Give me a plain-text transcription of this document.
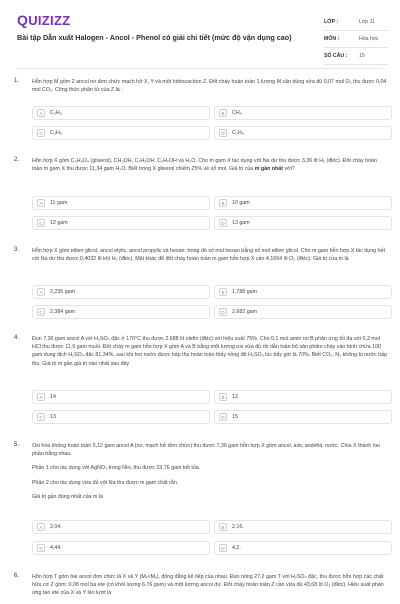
QUIZIZZ
Bài tập Dẫn xuất Halogen - Ancol - Phenol có giải chi tiết (mức độ vận dụng cao)
LỚP :	Lớp 11
MÔN :	Hóa học
SỐ CÂU :	15
1. Hỗn hợp M gồm 2 ancol no đơn chức mạch hở X, Y và một hidrocacbon Z. Đốt cháy hoàn toàn 1 lượng M cần dùng vừa đủ 0,07 mol O₂ thu được 0,04 mol CO₂. Công thức phân tử của Z là :

A	C₂H₆	B	CH₄
C	C₃H₈	D	C₂H₆
2. Hỗn hợp X gồm C₃H₈O₃ (glixerol), CH₃OH, C₂H₅OH, C₃H₇OH và H₂O. Cho m gam X tác dụng với Na dư thu được 3,36 lít H₂ (đktc). Đốt cháy hoàn toàn m gam X thu được 11,34 gam H₂O. Biết trong X glixerol chiếm 25% về số mol. Giá trị của m gần nhất với?

A	11 gam	B	10 gam
C	12 gam	D	13 gam
3. Hỗn hợp X gồm etilen glicol, ancol etylic, ancol propylic và hexan; trong đó số mol hexan bằng số mol etilen glicol. Cho m gam hỗn hợp X tác dụng hết với Na dư thu được 0,4032 lít khí H₂ (đktc). Mặt khác để đốt cháy hoàn toàn m gam hỗn hợp X cần 4,1664 lít O₂ (đktc). Giá trị của m là

A	2,235 gam	B	1,788 gam
C	2,384 gam	D	2,682 gam
4. Đun 7,36 gam ancol A với H₂SO₄ đặc ở 170°C thu được 2,688 lít olefin (đktc) với hiệu suất 75%. Cho 0,1 mol amin no B phản ứng tối đa với 0,2 mol HCl thu được 11,9 gam muối. Đốt cháy m gam hỗn hợp X gồm A và B bằng một lượng oxi vừa đủ rồi dẫn toàn bộ sản phẩm cháy vào bình chứa 100 gam dung dịch H₂SO₄ đặc 81,34%, sau khi hơi nước được hấp thụ hoàn toàn thấy nồng độ H₂SO₄ lúc bấy giờ là 70%. Biết CO₂, N₂ không bị nước hấp thụ. Giá trị m gần giá trị nào nhất sau đây

A	14	B	12
C	13	D	15
5. Oxi hóa không hoàn toàn 5,12 gam ancol A (no, mạch hở đơn chức) thu được 7,36 gam hỗn hợp X gồm ancol, axit, andehit, nước. Chia X thành hai phần bằng nhau.

Phần 1 cho tác dụng với AgNO₃ trong NH₃ thu được 23,76 gam kết tủa.

Phần 2 cho tác dụng vừa đủ với Na thu được m gam chất rắn.

Giá trị gần đúng nhất của m là

A	2,04.	B	2,16.
C	4,44.	D	4,2.
6. Hỗn hợp T gồm hai ancol đơn chức là X và Y (Mₓ<Mᵧ), đồng đẳng kế tiếp của nhau. Đun nóng 27,2 gam T với H₂SO₄ đặc, thu được hỗn hợp các chất hữu cơ Z gồm: 0,08 mol ba ete (có khối lượng 6,76 gam) và một lượng ancol dư. Đốt cháy hoàn toàn Z cần vừa đủ 43,68 lít O₂ (đktc). Hiệu suất phản ứng tạo ete của X và Y lần lượt là
